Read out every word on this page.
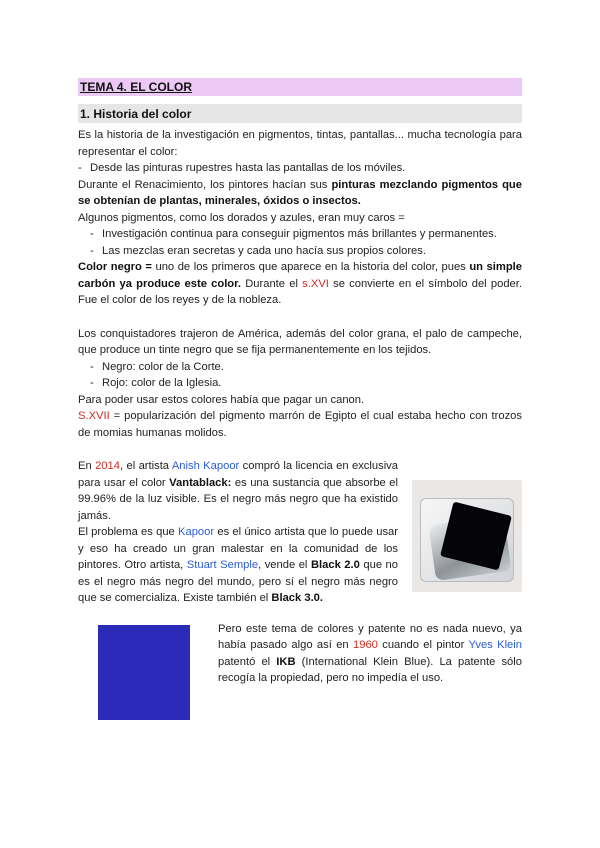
TEMA 4. EL COLOR
1. Historia del color

Es la historia de la investigación en pigmentos, tintas, pantallas... mucha tecnología para representar el color:

- Desde las pinturas rupestres hasta las pantallas de los móviles.

Durante el Renacimiento, los pintores hacían sus pinturas mezclando pigmentos que se obtenían de plantas, minerales, óxidos o insectos.

Algunos pigmentos, como los dorados y azules, eran muy caros =

- Investigación continua para conseguir pigmentos más brillantes y permanentes.
- Las mezclas eran secretas y cada uno hacía sus propios colores.

Color negro = uno de los primeros que aparece en la historia del color, pues un simple carbón ya produce este color. Durante el s.XVI se convierte en el símbolo del poder. Fue el color de los reyes y de la nobleza.

Los conquistadores trajeron de América, además del color grana, el palo de campeche, que produce un tinte negro que se fija permanentemente en los tejidos.

- Negro: color de la Corte.
- Rojo: color de la Iglesia.

Para poder usar estos colores había que pagar un canon.

S.XVII = popularización del pigmento marrón de Egipto el cual estaba hecho con trozos de momias humanas molidos.

En 2014, el artista Anish Kapoor compró la licencia en exclusiva para usar el color Vantablack: es una sustancia que absorbe el 99.96% de la luz visible. Es el negro más negro que ha existido jamás.

El problema es que Kapoor es el único artista que lo puede usar y eso ha creado un gran malestar en la comunidad de los pintores. Otro artista, Stuart Semple, vende el Black 2.0 que no es el negro más negro del mundo, pero sí el negro más negro que se comercializa. Existe también el Black 3.0.

Pero este tema de colores y patente no es nada nuevo, ya había pasado algo así en 1960 cuando el pintor Yves Klein patentó el IKB (International Klein Blue). La patente sólo recogía la propiedad, pero no impedía el uso.
